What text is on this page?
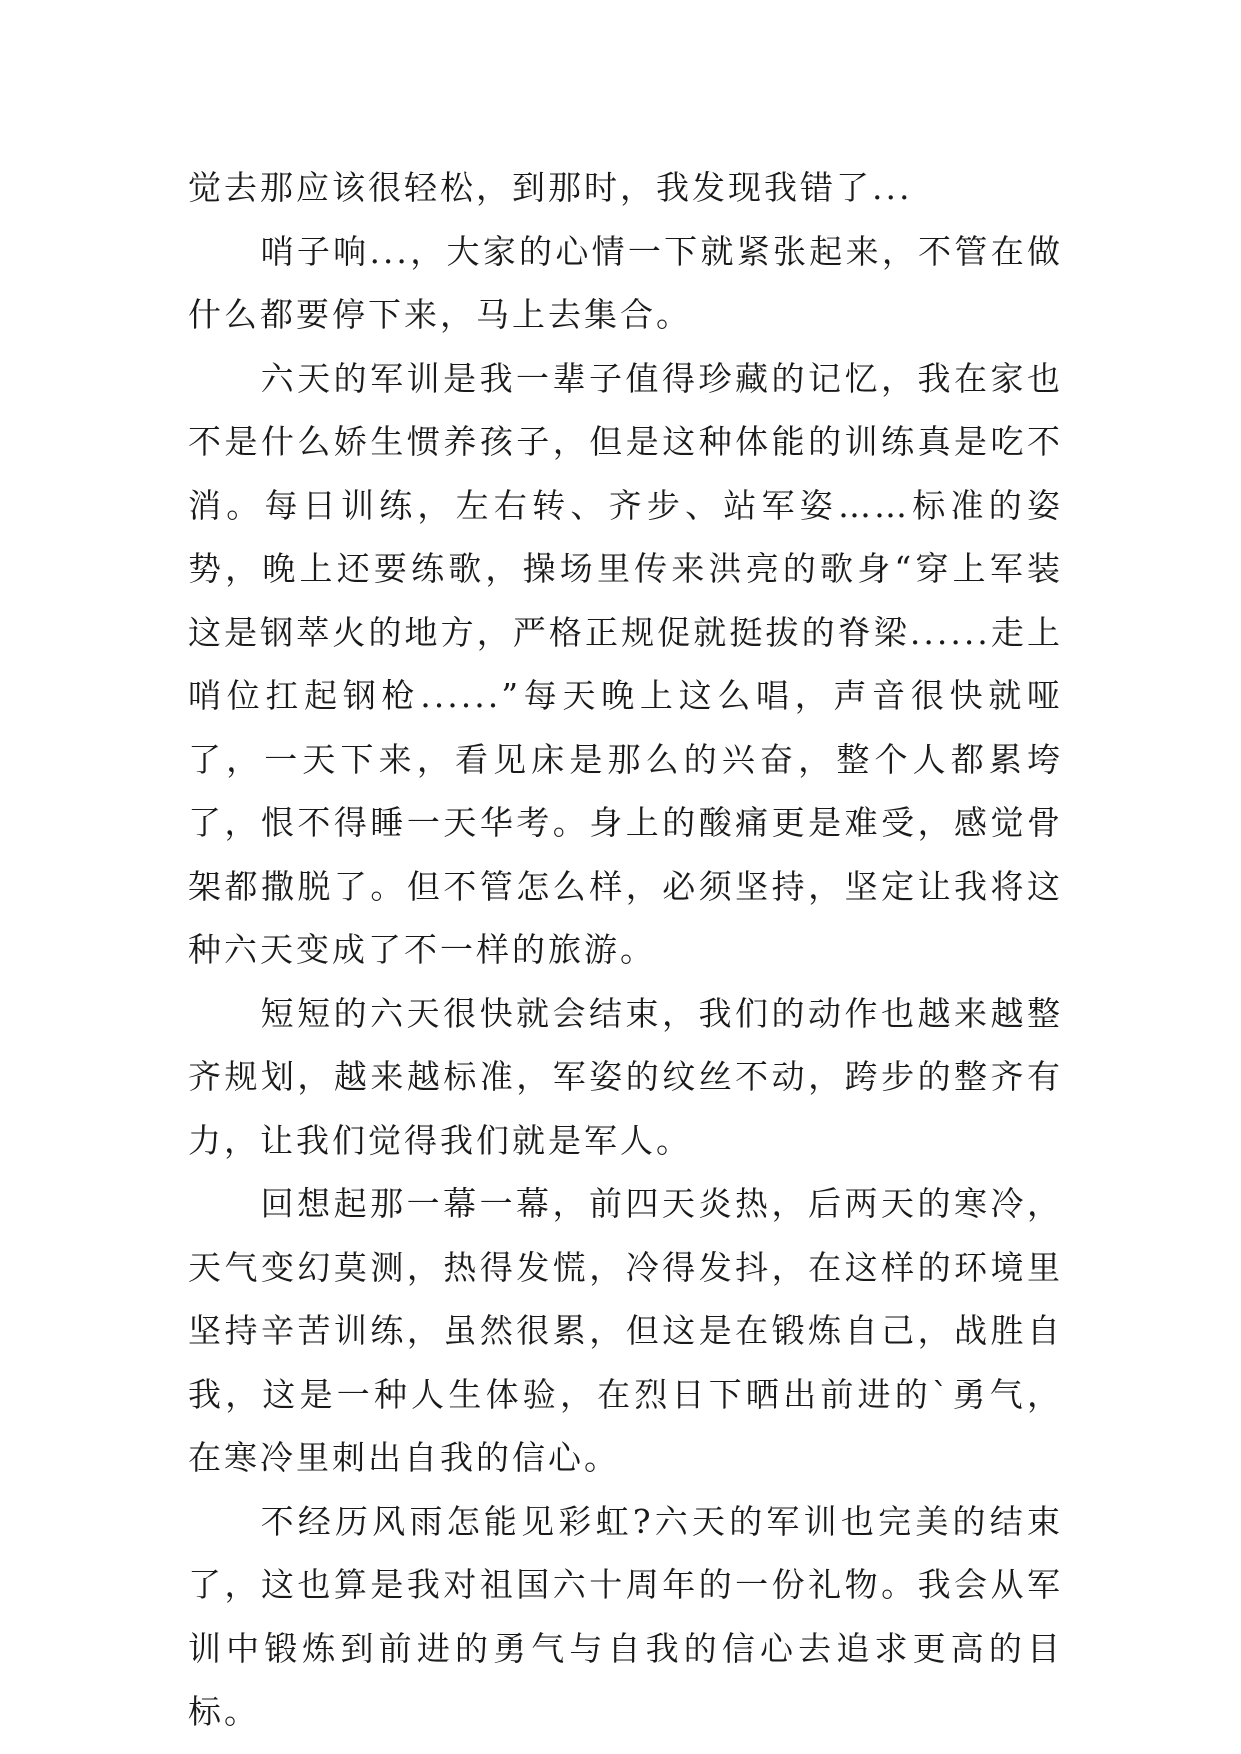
觉去那应该很轻松，到那时，我发现我错了...

哨子响...，大家的心情一下就紧张起来，不管在做什么都要停下来，马上去集合。

六天的军训是我一辈子值得珍藏的记忆，我在家也不是什么娇生惯养孩子，但是这种体能的训练真是吃不消。每日训练，左右转、齐步、站军姿……标准的姿势，晚上还要练歌，操场里传来洪亮的歌身“穿上军装这是钢萃火的地方，严格正规促就挺拔的脊梁......走上哨位扛起钢枪......”每天晚上这么唱，声音很快就哑了，一天下来，看见床是那么的兴奋，整个人都累垮了，恨不得睡一天华考。身上的酸痛更是难受，感觉骨架都撒脱了。但不管怎么样，必须坚持，坚定让我将这种六天变成了不一样的旅游。

短短的六天很快就会结束，我们的动作也越来越整齐规划，越来越标准，军姿的纹丝不动，跨步的整齐有力，让我们觉得我们就是军人。

回想起那一幕一幕，前四天炎热，后两天的寒冷，天气变幻莫测，热得发慌，冷得发抖，在这样的环境里坚持辛苦训练，虽然很累，但这是在锻炼自己，战胜自我，这是一种人生体验，在烈日下晒出前进的`勇气，在寒冷里刺出自我的信心。

不经历风雨怎能见彩虹?六天的军训也完美的结束了，这也算是我对祖国六十周年的一份礼物。我会从军训中锻炼到前进的勇气与自我的信心去追求更高的目标。
